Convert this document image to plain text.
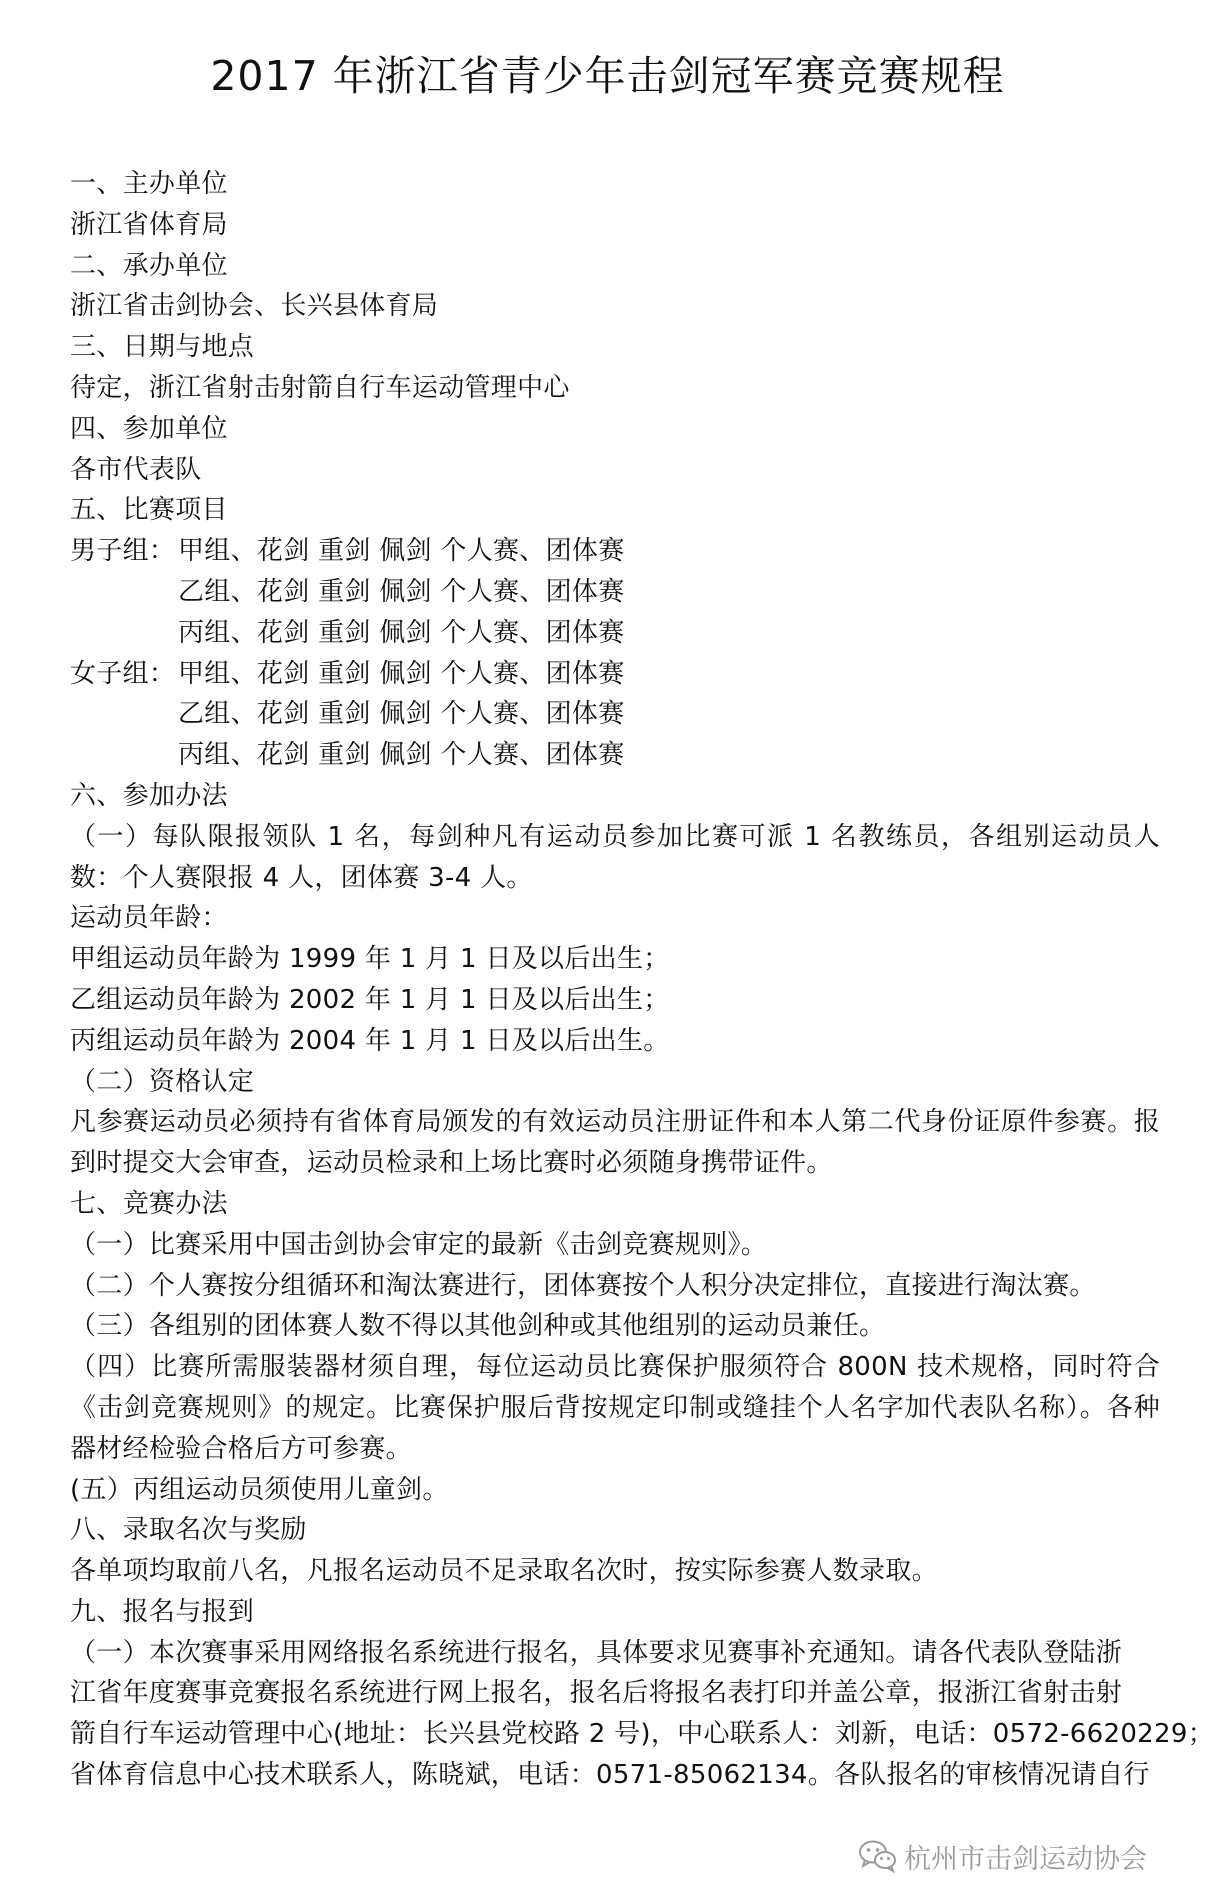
2017 年浙江省青少年击剑冠军赛竞赛规程
一、主办单位
浙江省体育局
二、承办单位
浙江省击剑协会、长兴县体育局
三、日期与地点
待定，浙江省射击射箭自行车运动管理中心
四、参加单位
各市代表队
五、比赛项目
男子组： 甲组、花剑 重剑 佩剑 个人赛、团体赛
乙组、花剑 重剑 佩剑 个人赛、团体赛
丙组、花剑 重剑 佩剑 个人赛、团体赛
女子组： 甲组、花剑 重剑 佩剑 个人赛、团体赛
乙组、花剑 重剑 佩剑 个人赛、团体赛
丙组、花剑 重剑 佩剑 个人赛、团体赛
六、参加办法
（一）每队限报领队 1 名，每剑种凡有运动员参加比赛可派 1 名教练员，各组别运动员人数：个人赛限报 4 人，团体赛 3-4 人。
运动员年龄：
甲组运动员年龄为 1999 年 1 月 1 日及以后出生；
乙组运动员年龄为 2002 年 1 月 1 日及以后出生；
丙组运动员年龄为 2004 年 1 月 1 日及以后出生。
（二）资格认定
凡参赛运动员必须持有省体育局颁发的有效运动员注册证件和本人第二代身份证原件参赛。报到时提交大会审查，运动员检录和上场比赛时必须随身携带证件。
七、竞赛办法
（一）比赛采用中国击剑协会审定的最新《击剑竞赛规则》。
（二）个人赛按分组循环和淘汰赛进行，团体赛按个人积分决定排位，直接进行淘汰赛。
（三）各组别的团体赛人数不得以其他剑种或其他组别的运动员兼任。
（四）比赛所需服装器材须自理，每位运动员比赛保护服须符合 800N 技术规格，同时符合《击剑竞赛规则》的规定。比赛保护服后背按规定印制或缝挂个人名字加代表队名称）。各种器材经检验合格后方可参赛。
(五）丙组运动员须使用儿童剑。
八、录取名次与奖励
各单项均取前八名，凡报名运动员不足录取名次时，按实际参赛人数录取。
九、报名与报到
（一）本次赛事采用网络报名系统进行报名，具体要求见赛事补充通知。请各代表队登陆浙
江省年度赛事竞赛报名系统进行网上报名，报名后将报名表打印并盖公章，报浙江省射击射
箭自行车运动管理中心(地址：长兴县党校路 2 号)，中心联系人：刘新，电话：0572-6620229；
省体育信息中心技术联系人，陈晓斌，电话：0571-85062134。各队报名的审核情况请自行
杭州市击剑运动协会
